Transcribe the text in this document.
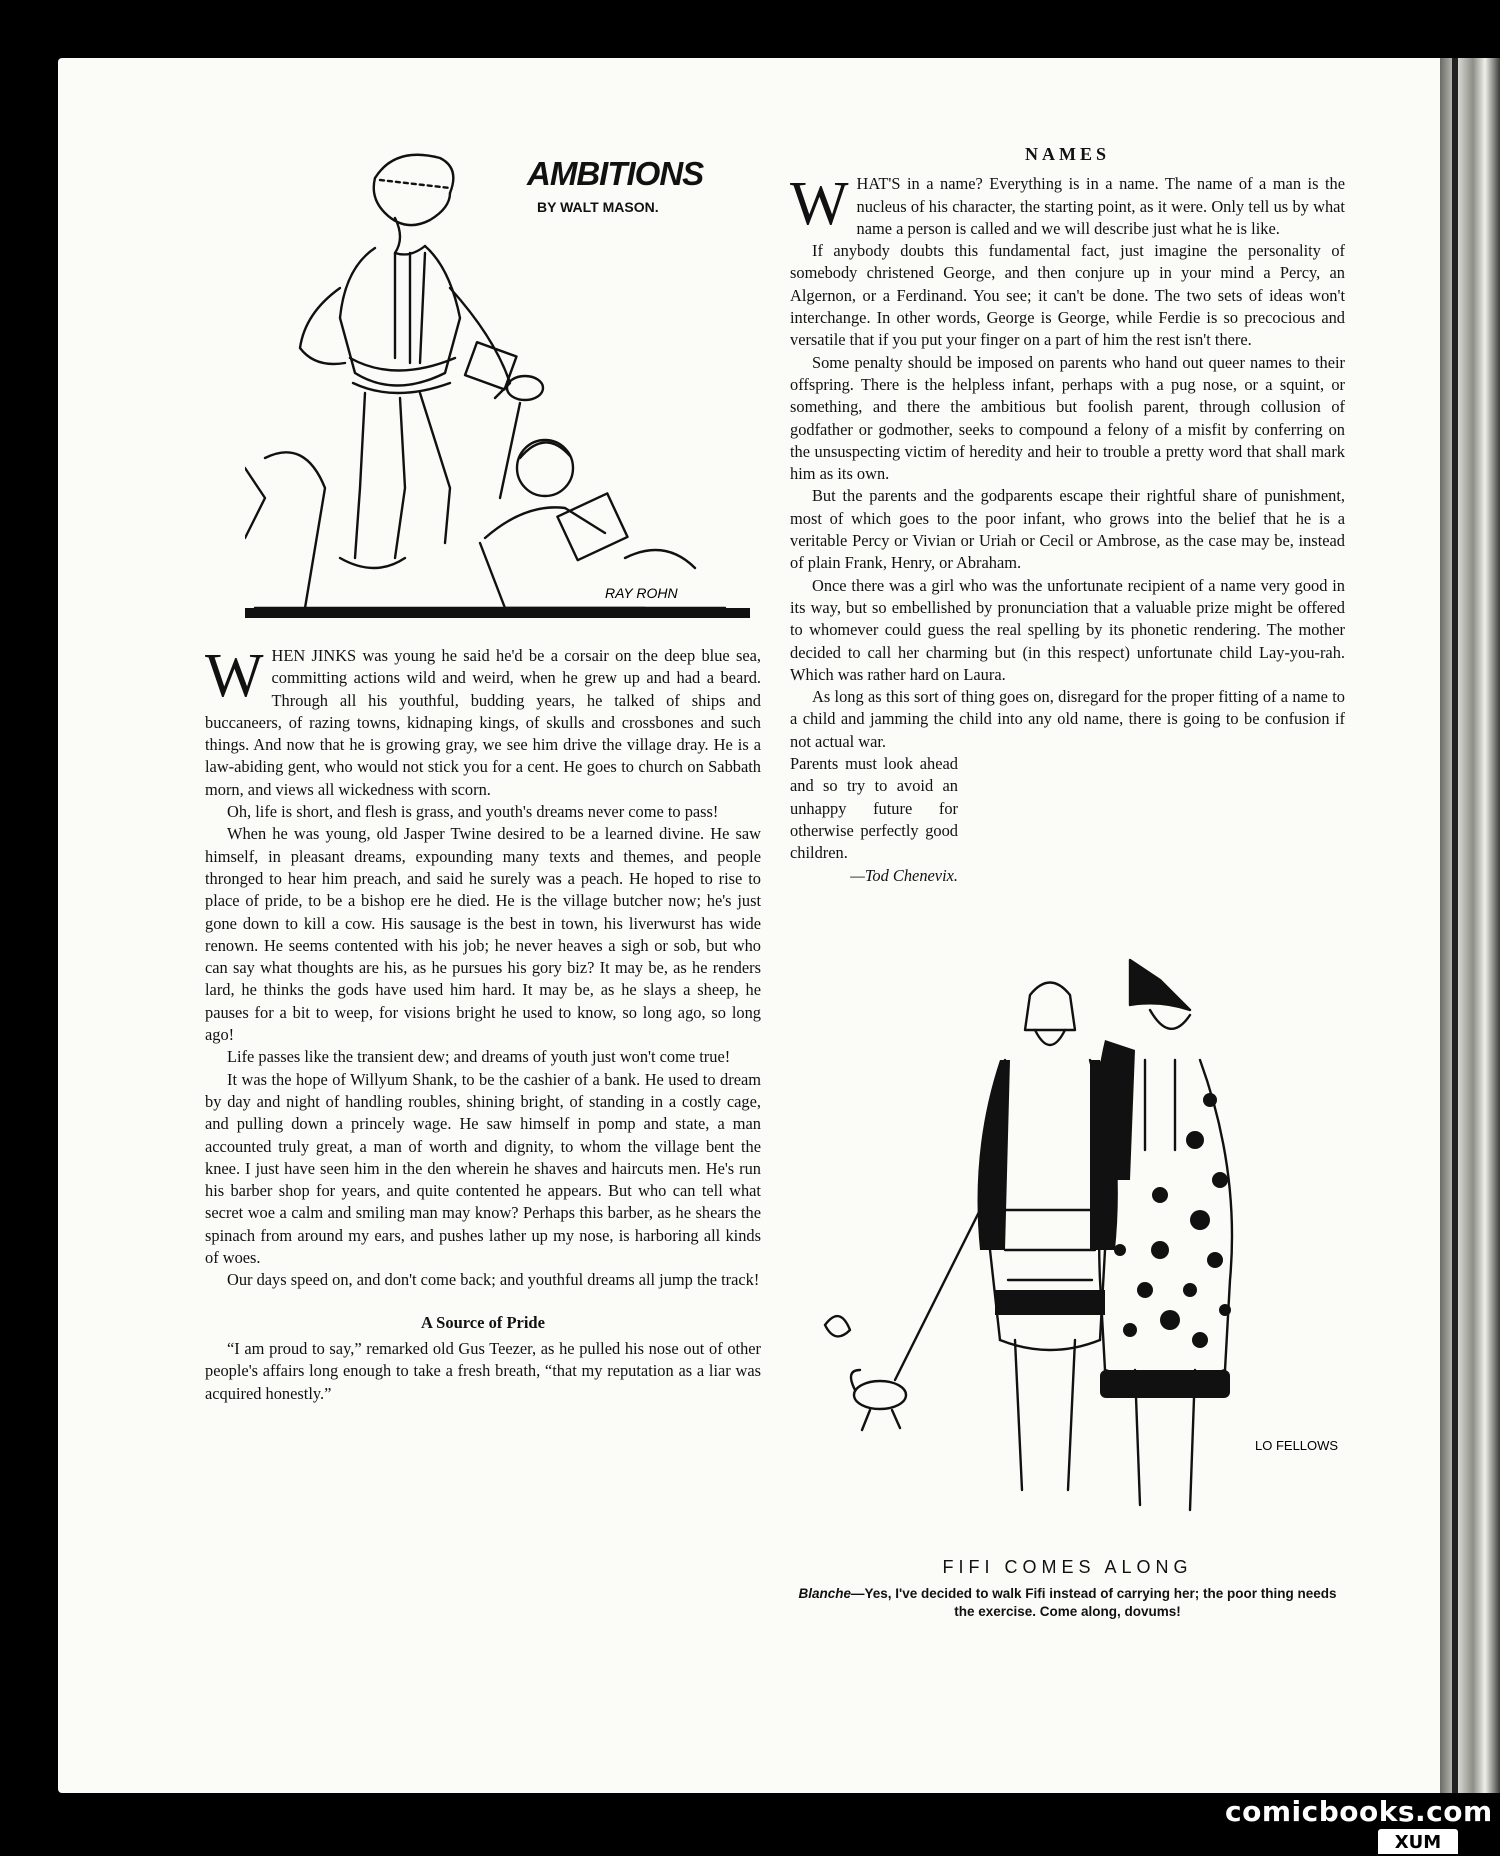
RAY ROHN
AMBITIONS
BY WALT MASON.

WHEN JINKS was young he said he'd be a corsair on the deep blue sea, committing actions wild and weird, when he grew up and had a beard. Through all his youthful, budding years, he talked of ships and buccaneers, of razing towns, kidnaping kings, of skulls and crossbones and such things. And now that he is growing gray, we see him drive the village dray. He is a law-abiding gent, who would not stick you for a cent. He goes to church on Sabbath morn, and views all wickedness with scorn.

Oh, life is short, and flesh is grass, and youth's dreams never come to pass!

When he was young, old Jasper Twine desired to be a learned divine. He saw himself, in pleasant dreams, expounding many texts and themes, and people thronged to hear him preach, and said he surely was a peach. He hoped to rise to place of pride, to be a bishop ere he died. He is the village butcher now; he's just gone down to kill a cow. His sausage is the best in town, his liverwurst has wide renown. He seems contented with his job; he never heaves a sigh or sob, but who can say what thoughts are his, as he pursues his gory biz? It may be, as he renders lard, he thinks the gods have used him hard. It may be, as he slays a sheep, he pauses for a bit to weep, for visions bright he used to know, so long ago, so long ago!

Life passes like the transient dew; and dreams of youth just won't come true!

It was the hope of Willyum Shank, to be the cashier of a bank. He used to dream by day and night of handling roubles, shining bright, of standing in a costly cage, and pulling down a princely wage. He saw himself in pomp and state, a man accounted truly great, a man of worth and dignity, to whom the village bent the knee. I just have seen him in the den wherein he shaves and haircuts men. He's run his barber shop for years, and quite contented he appears. But who can tell what secret woe a calm and smiling man may know? Perhaps this barber, as he shears the spinach from around my ears, and pushes lather up my nose, is harboring all kinds of woes.

Our days speed on, and don't come back; and youthful dreams all jump the track!

A Source of Pride

“I am proud to say,” remarked old Gus Teezer, as he pulled his nose out of other people's affairs long enough to take a fresh breath, “that my reputation as a liar was acquired honestly.”

NAMES

WHAT'S in a name? Everything is in a name. The name of a man is the nucleus of his character, the starting point, as it were. Only tell us by what name a person is called and we will describe just what he is like.

If anybody doubts this fundamental fact, just imagine the personality of somebody christened George, and then conjure up in your mind a Percy, an Algernon, or a Ferdinand. You see; it can't be done. The two sets of ideas won't interchange. In other words, George is George, while Ferdie is so precocious and versatile that if you put your finger on a part of him the rest isn't there.

Some penalty should be imposed on parents who hand out queer names to their offspring. There is the helpless infant, perhaps with a pug nose, or a squint, or something, and there the ambitious but foolish parent, through collusion of godfather or godmother, seeks to compound a felony of a misfit by conferring on the unsuspecting victim of heredity and heir to trouble a pretty word that shall mark him as its own.

But the parents and the godparents escape their rightful share of punishment, most of which goes to the poor infant, who grows into the belief that he is a veritable Percy or Vivian or Uriah or Cecil or Ambrose, as the case may be, instead of plain Frank, Henry, or Abraham.

Once there was a girl who was the unfortunate recipient of a name very good in its way, but so embellished by pronunciation that a valuable prize might be offered to whomever could guess the real spelling by its phonetic rendering. The mother decided to call her charming but (in this respect) unfortunate child Lay-you-rah. Which was rather hard on Laura.

As long as this sort of thing goes on, disregard for the proper fitting of a name to a child and jamming the child into any old name, there is going to be confusion if not actual war.

Parents must look ahead and so try to avoid an unhappy future for otherwise perfectly good children.

—Tod Chenevix.
LO FELLOWS
FIFI COMES ALONG
Blanche—Yes, I've decided to walk Fifi instead of carrying her; the poor thing needs the exercise. Come along, dovums!
comicbooks.com
XUM
